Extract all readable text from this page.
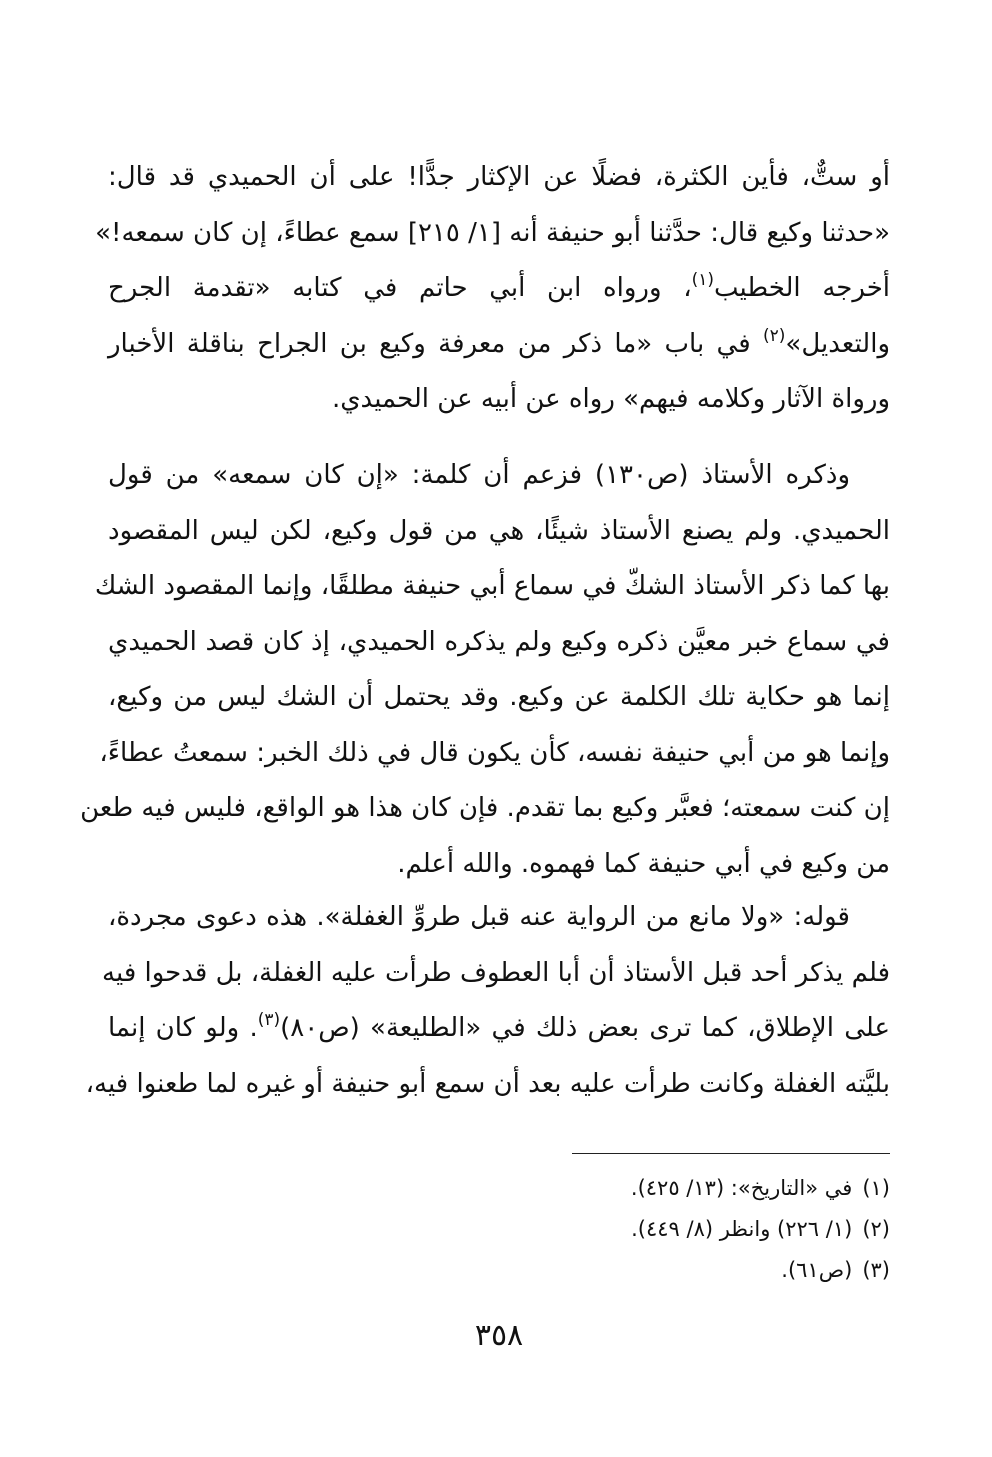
أو ستٌّ، فأين الكثرة، فضلًا عن الإكثار جدًّا! على أن الحميدي قد قال:
«حدثنا وكيع قال: حدَّثنا أبو حنيفة أنه [١/ ٢١٥] سمع عطاءً، إن كان سمعه!»
أخرجه الخطيب$^{(١)}$، ورواه ابن أبي حاتم في كتابه «تقدمة الجرح
والتعديل»$^{(٢)}$ في باب «ما ذكر من معرفة وكيع بن الجراح بناقلة الأخبار
ورواة الآثار وكلامه فيهم» رواه عن أبيه عن الحميدي.

وذكره الأستاذ (ص١٣٠) فزعم أن كلمة: «إن كان سمعه» من قول
الحميدي. ولم يصنع الأستاذ شيئًا، هي من قول وكيع، لكن ليس المقصود
بها كما ذكر الأستاذ الشكّ في سماع أبي حنيفة مطلقًا، وإنما المقصود الشك
في سماع خبر معيَّن ذكره وكيع ولم يذكره الحميدي، إذ كان قصد الحميدي
إنما هو حكاية تلك الكلمة عن وكيع. وقد يحتمل أن الشك ليس من وكيع،
وإنما هو من أبي حنيفة نفسه، كأن يكون قال في ذلك الخبر: سمعتُ عطاءً،
إن كنت سمعته؛ فعبَّر وكيع بما تقدم. فإن كان هذا هو الواقع، فليس فيه طعن
من وكيع في أبي حنيفة كما فهموه. والله أعلم.

قوله: «ولا مانع من الرواية عنه قبل طروِّ الغفلة». هذه دعوى مجردة،
فلم يذكر أحد قبل الأستاذ أن أبا العطوف طرأت عليه الغفلة، بل قدحوا فيه
على الإطلاق، كما ترى بعض ذلك في «الطليعة» (ص٨٠)$^{(٣)}$. ولو كان إنما
بليَّته الغفلة وكانت طرأت عليه بعد أن سمع أبو حنيفة أو غيره لما طعنوا فيه،

(١)في «التاريخ»: (١٣/ ٤٢٥).
(٢)(١/ ٢٢٦) وانظر (٨/ ٤٤٩).
(٣)(ص٦١).
٣٥٨
